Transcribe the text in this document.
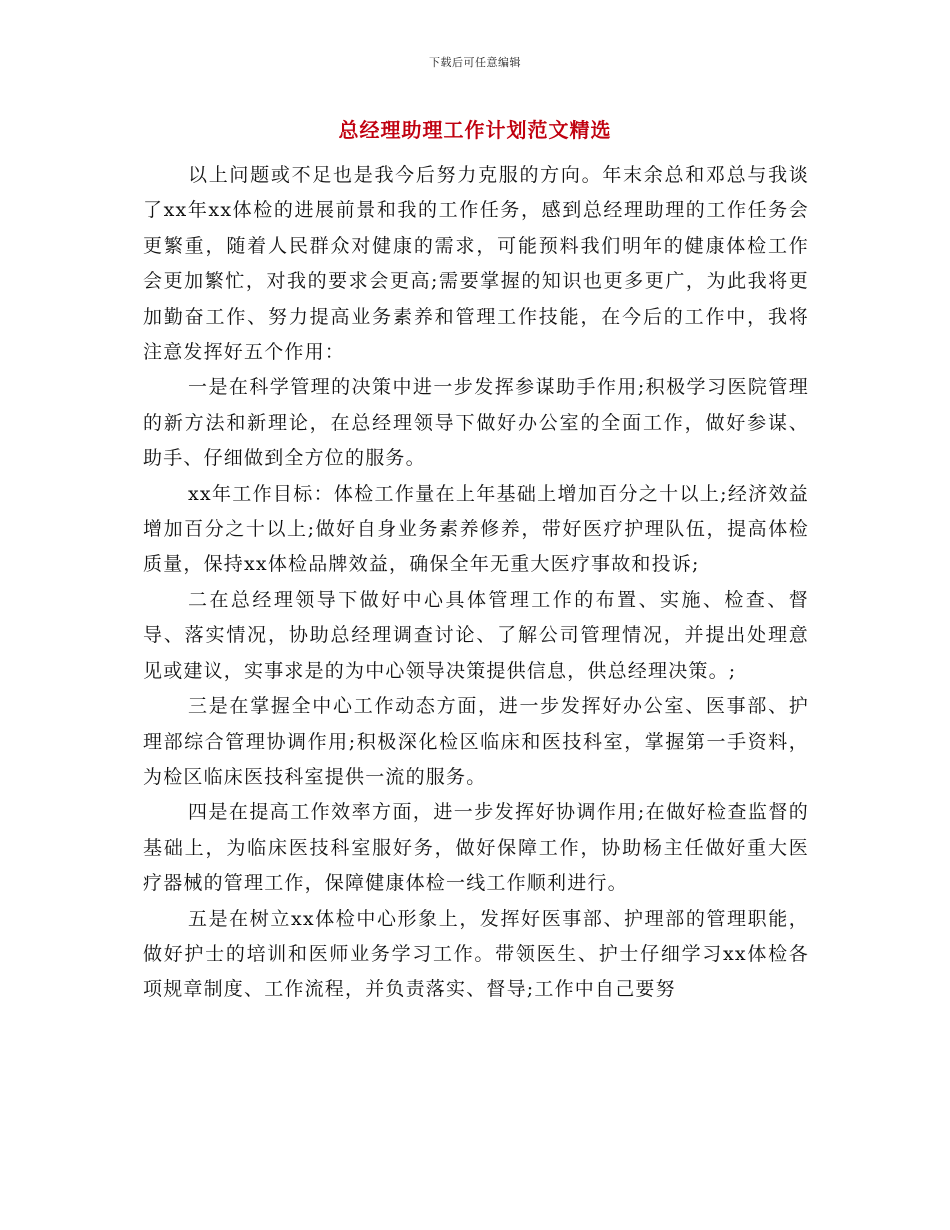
下载后可任意编辑
总经理助理工作计划范文精选

以上问题或不足也是我今后努力克服的方向。年末余总和邓总与我谈了xx年xx体检的进展前景和我的工作任务，感到总经理助理的工作任务会更繁重，随着人民群众对健康的需求，可能预料我们明年的健康体检工作会更加繁忙，对我的要求会更高;需要掌握的知识也更多更广，为此我将更加勤奋工作、努力提高业务素养和管理工作技能，在今后的工作中，我将注意发挥好五个作用：

一是在科学管理的决策中进一步发挥参谋助手作用;积极学习医院管理的新方法和新理论，在总经理领导下做好办公室的全面工作，做好参谋、助手、仔细做到全方位的服务。

xx年工作目标：体检工作量在上年基础上增加百分之十以上;经济效益增加百分之十以上;做好自身业务素养修养，带好医疗护理队伍，提高体检质量，保持xx体检品牌效益，确保全年无重大医疗事故和投诉;

二在总经理领导下做好中心具体管理工作的布置、实施、检查、督导、落实情况，协助总经理调查讨论、了解公司管理情况，并提出处理意见或建议，实事求是的为中心领导决策提供信息，供总经理决策。;

三是在掌握全中心工作动态方面，进一步发挥好办公室、医事部、护理部综合管理协调作用;积极深化检区临床和医技科室，掌握第一手资料，为检区临床医技科室提供一流的服务。

四是在提高工作效率方面，进一步发挥好协调作用;在做好检查监督的基础上，为临床医技科室服好务，做好保障工作，协助杨主任做好重大医疗器械的管理工作，保障健康体检一线工作顺利进行。

五是在树立xx体检中心形象上，发挥好医事部、护理部的管理职能，做好护士的培训和医师业务学习工作。带领医生、护士仔细学习xx体检各项规章制度、工作流程，并负责落实、督导;工作中自己要努
